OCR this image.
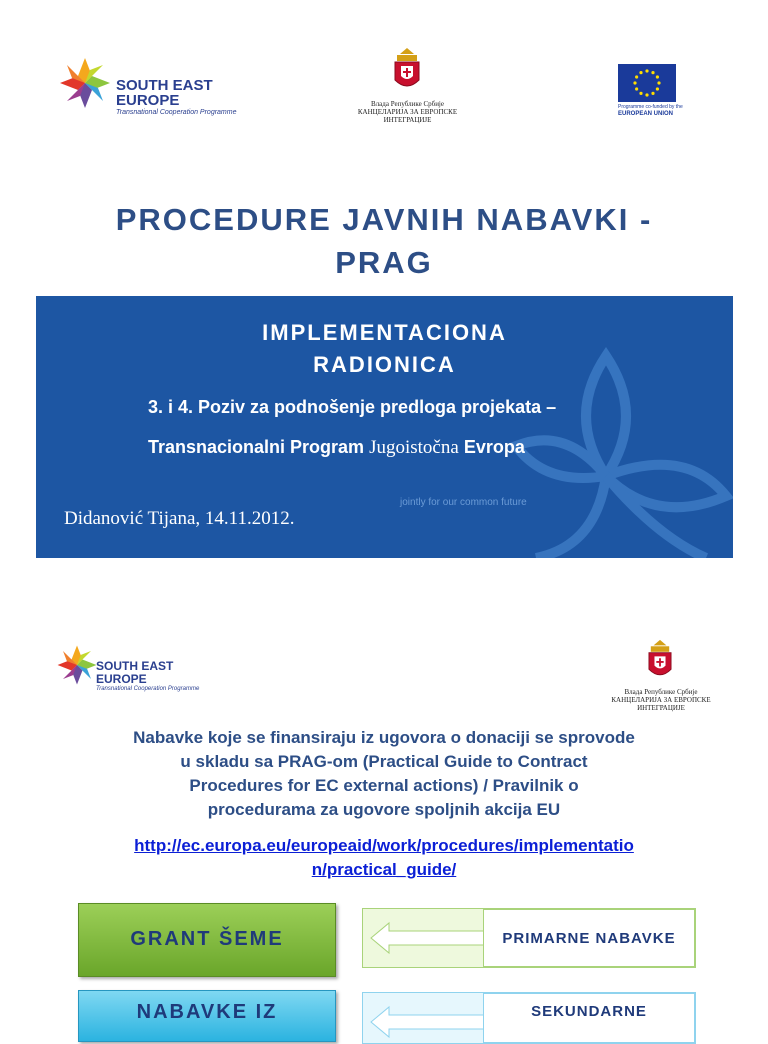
SOUTH EAST
EUROPE
Transnational Cooperation Programme
Влада Републике Србије
КАНЦЕЛАРИЈА ЗА ЕВРОПСКЕ
ИНТЕГРАЦИЈЕ
Programme co-funded by the
EUROPEAN UNION
PROCEDURE JAVNIH NABAVKI -
PRAG
IMPLEMENTACIONA
RADIONICA
3. i 4. Poziv za podnošenje predloga projekata –
Transnacionalni Program Jugoistočna Evropa
jointly for our common future
Didanović Tijana, 14.11.2012.
SOUTH EAST
EUROPE
Transnational Cooperation Programme	Влада Републике Србије
КАНЦЕЛАРИЈА ЗА ЕВРОПСКЕ
ИНТЕГРАЦИЈЕ
Nabavke koje se finansiraju iz ugovora o donaciji se sprovode
u skladu sa PRAG-om (Practical Guide to Contract
Procedures for EC external actions) / Pravilnik o
procedurama za ugovore spoljnih akcija EU
http://ec.europa.eu/europeaid/work/procedures/implementatio
n/practical_guide/
GRANT ŠEME
NABAVKE IZ
PRIMARNE NABAVKE
SEKUNDARNE
